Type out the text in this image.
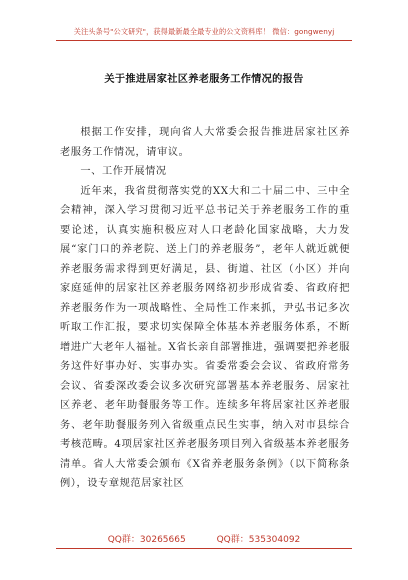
关注头条号"公文研究"，获得最新最全最专业的公文资料库！ 微信：gongwenyj
关于推进居家社区养老服务工作情况的报告

根据工作安排，现向省人大常委会报告推进居家社区养老服务工作情况，请审议。

一、工作开展情况

近年来，我省贯彻落实党的XX大和二十届二中、三中全会精神，深入学习贯彻习近平总书记关于养老服务工作的重要论述，认真实施积极应对人口老龄化国家战略，大力发展“家门口的养老院、送上门的养老服务”，老年人就近就便养老服务需求得到更好满足，县、街道、社区（小区）并向家庭延伸的居家社区养老服务网络初步形成省委、省政府把养老服务作为一项战略性、全局性工作来抓，尹弘书记多次听取工作汇报，要求切实保障全体基本养老服务体系，不断增进广大老年人福祉。X省长亲自部署推进，强调要把养老服务这件好事办好、实事办实。省委常委会会议、省政府常务会议、省委深改委会议多次研究部署基本养老服务、居家社区养老、老年助餐服务等工作。连续多年将居家社区养老服务、老年助餐服务列入省级重点民生实事，纳入对市县综合考核范畴。4项居家社区养老服务项目列入省级基本养老服务清单。省人大常委会颁布《X省养老服务条例》（以下简称条例），设专章规范居家社区

QQ群：30265665	QQ群：535304092
